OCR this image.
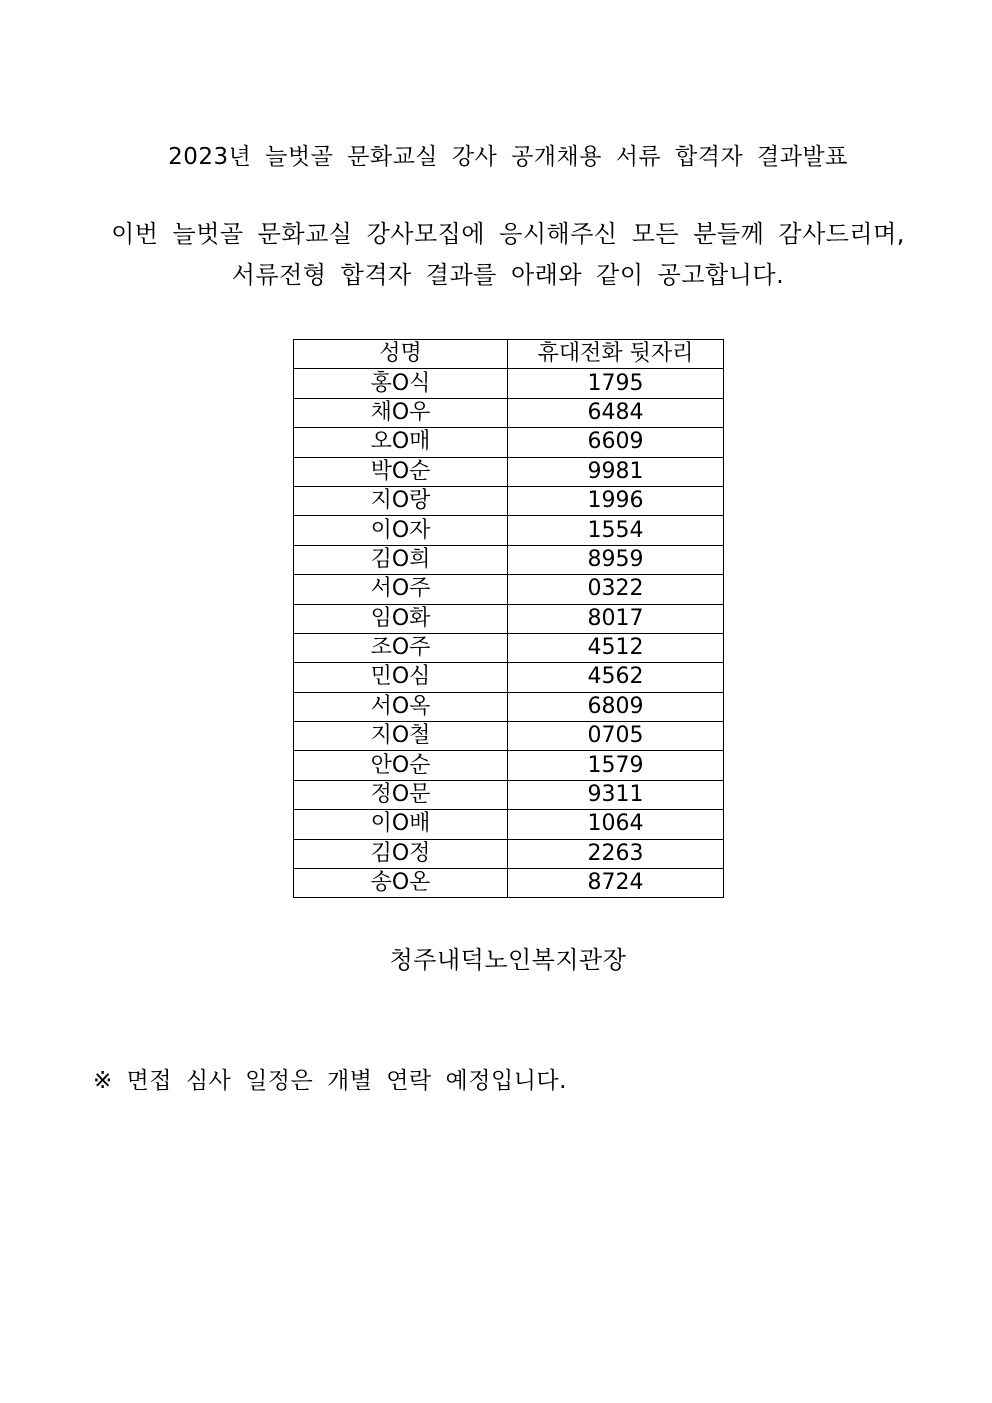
2023년 늘벗골 문화교실 강사 공개채용 서류 합격자 결과발표
이번 늘벗골 문화교실 강사모집에 응시해주신 모든 분들께 감사드리며,
서류전형 합격자 결과를 아래와 같이 공고합니다.
성명	휴대전화 뒷자리
홍O식	1795
채O우	6484
오O매	6609
박O순	9981
지O랑	1996
이O자	1554
김O희	8959
서O주	0322
임O화	8017
조O주	4512
민O심	4562
서O옥	6809
지O철	0705
안O순	1579
정O문	9311
이O배	1064
김O정	2263
송O온	8724
청주내덕노인복지관장
※ 면접 심사 일정은 개별 연락 예정입니다.
